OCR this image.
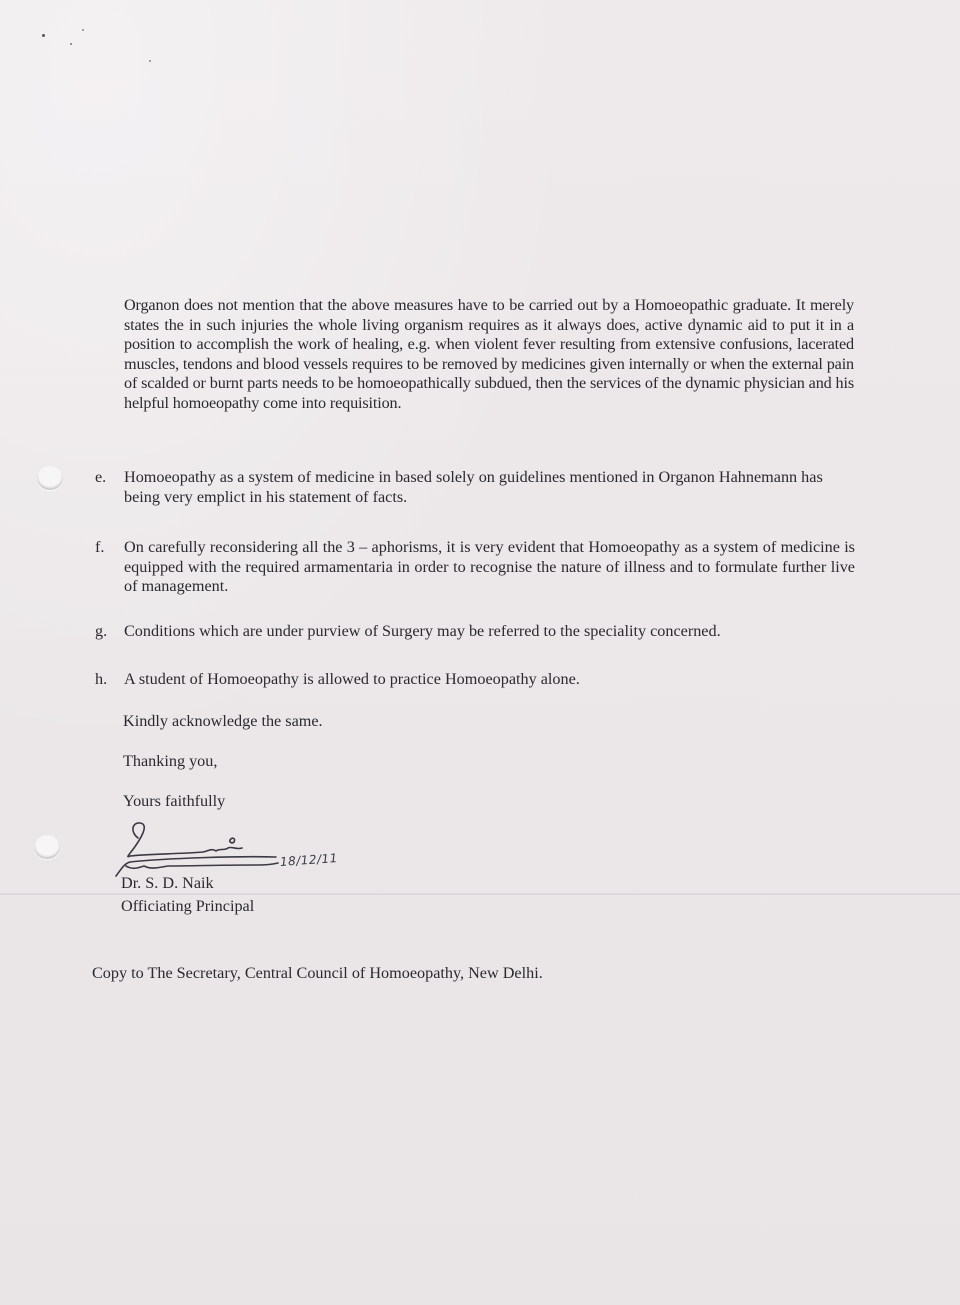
Organon does not mention that the above measures have to be carried out by a Homoeopathic graduate. It merely states the in such injuries the whole living organism requires as it always does, active dynamic aid to put it in a position to accomplish the work of healing, e.g. when violent fever resulting from extensive confusions, lacerated muscles, tendons and blood vessels requires to be removed by medicines given internally or when the external pain of scalded or burnt parts needs to be homoeopathically subdued, then the services of the dynamic physician and his helpful homoeopathy come into requisition.
e.	Homoeopathy as a system of medicine in based solely on guidelines mentioned in Organon Hahnemann has being very emplict in his statement of facts.
f.	On carefully reconsidering all the 3 – aphorisms, it is very evident that Homoeopathy as a system of medicine is equipped with the required armamentaria in order to recognise the nature of illness and to formulate further live of management.
g.	Conditions which are under purview of Surgery may be referred to the speciality concerned.
h.	A student of Homoeopathy is allowed to practice Homoeopathy alone.
Kindly acknowledge the same.
Thanking you,
Yours faithfully
18/12/11
Dr. S. D. Naik
Officiating Principal
Copy to The Secretary, Central Council of Homoeopathy, New Delhi.
